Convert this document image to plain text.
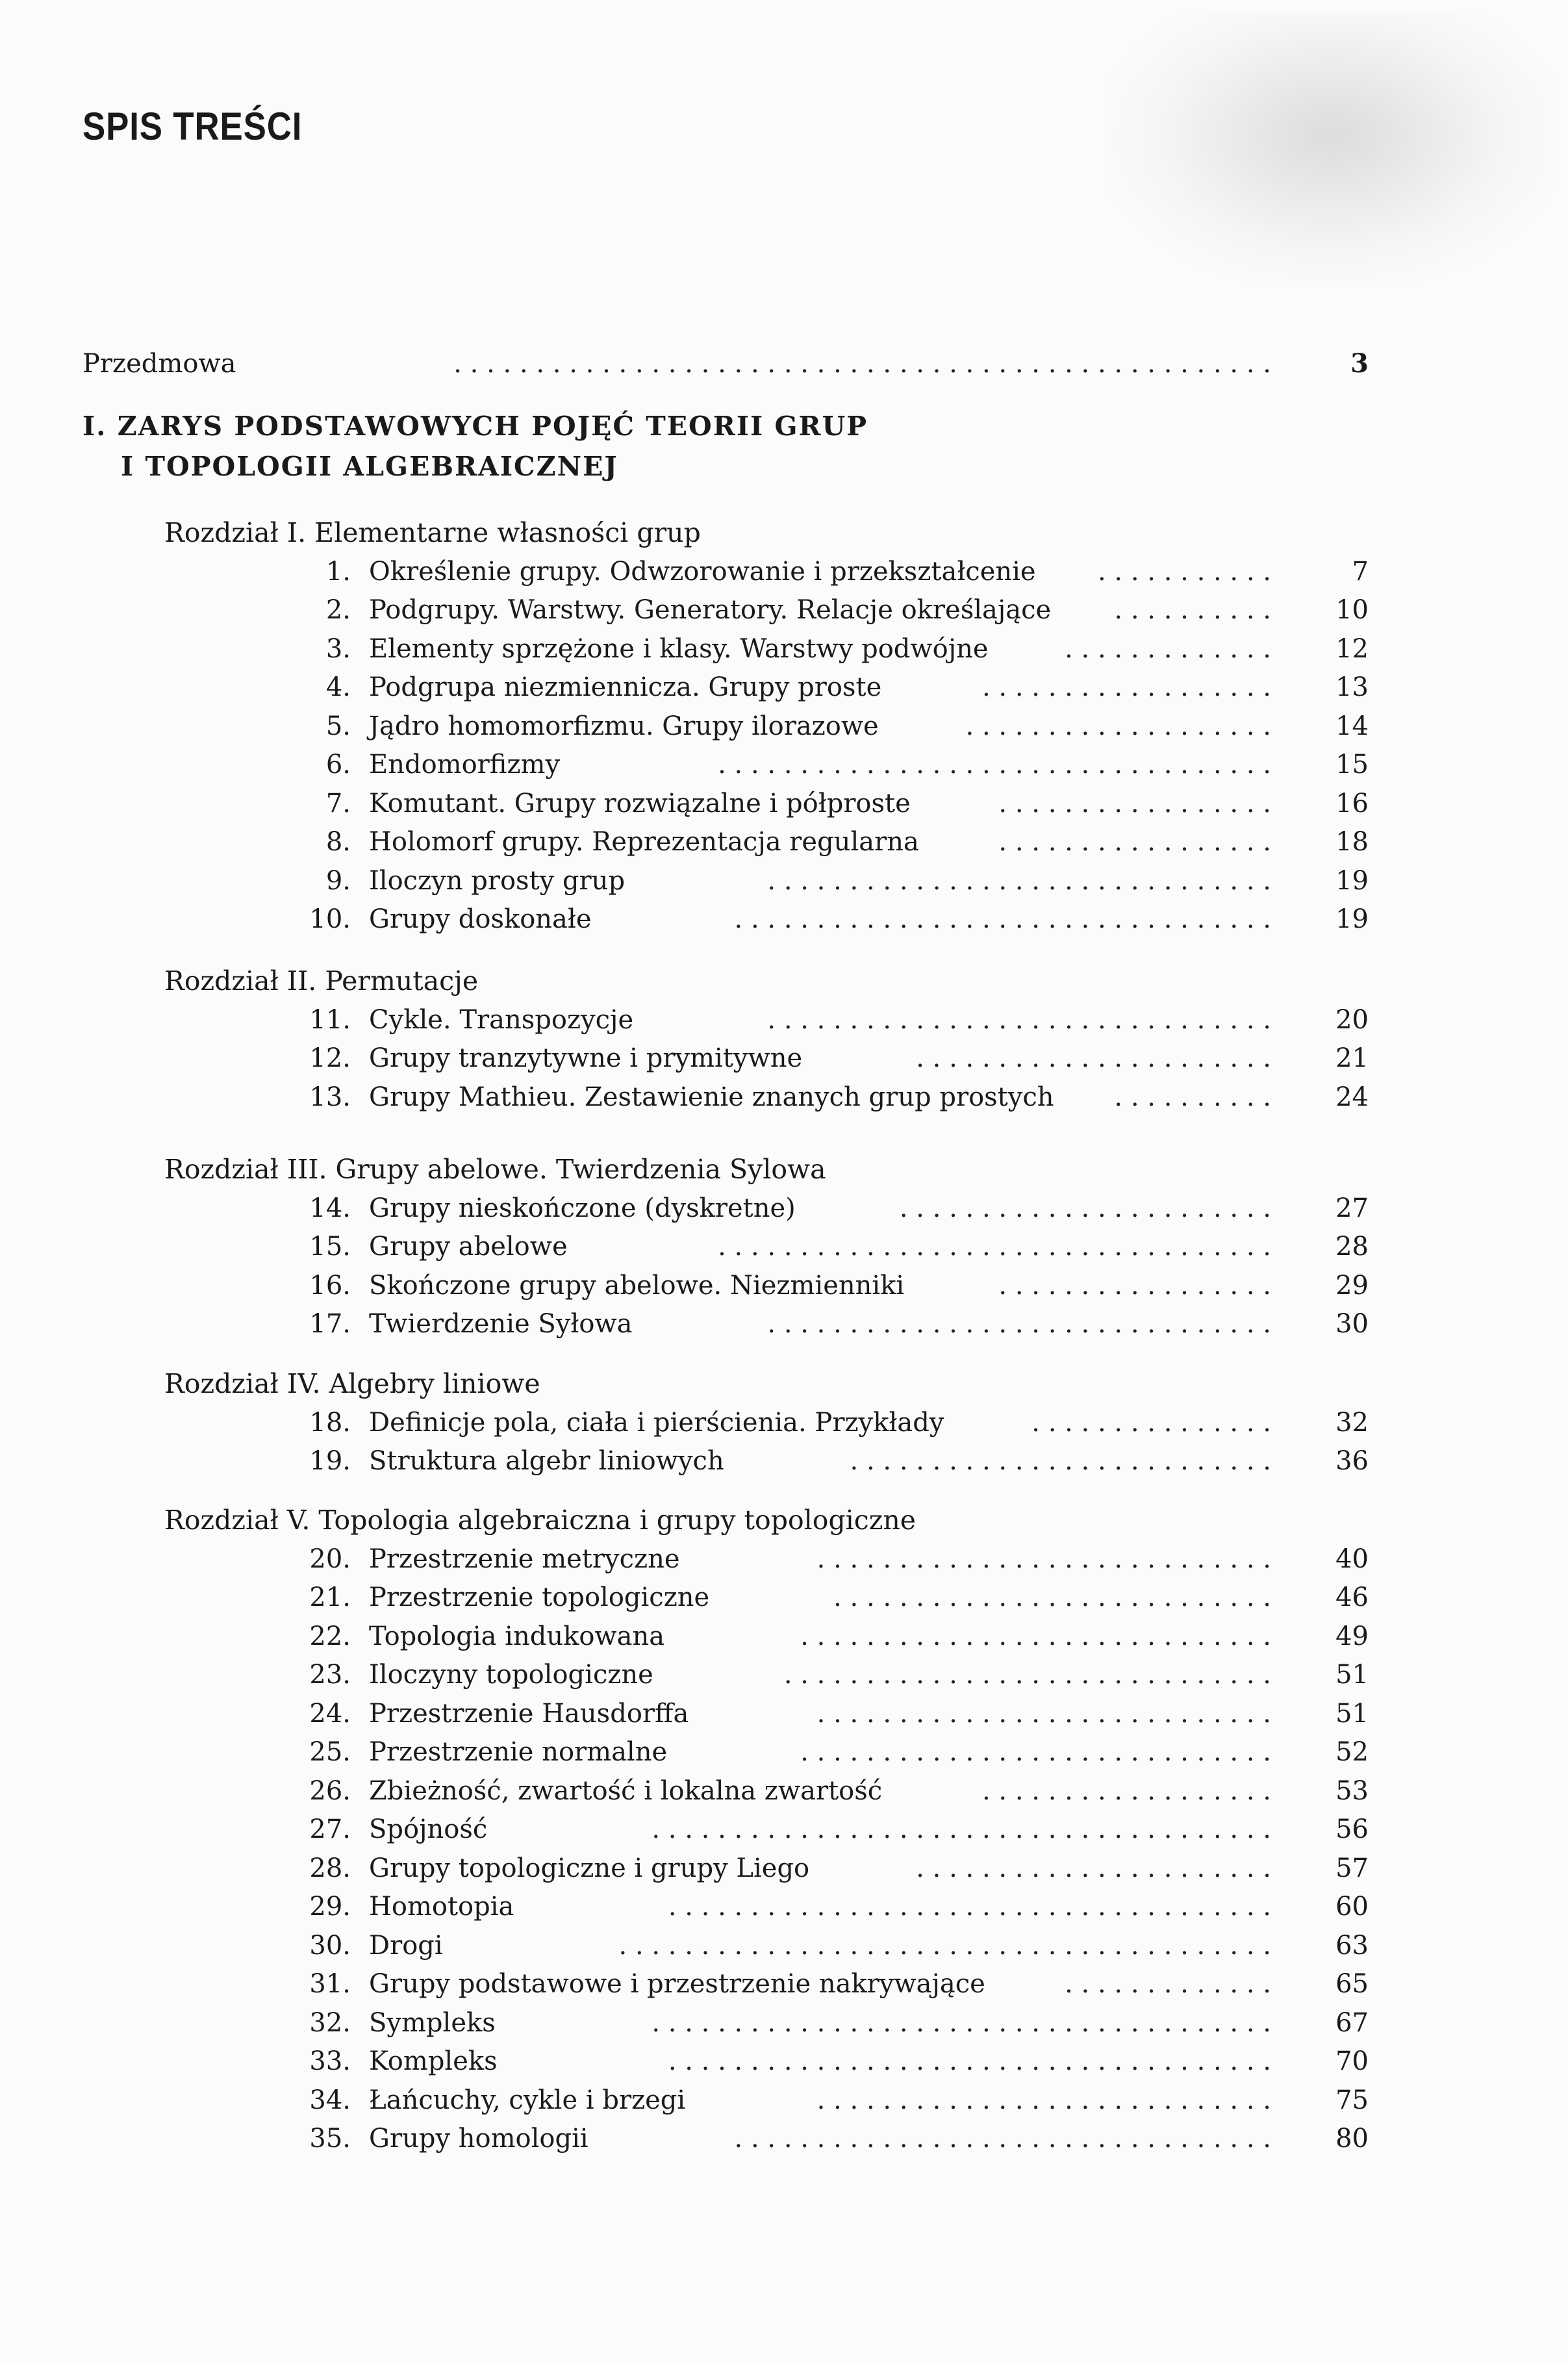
SPIS TREŚCI
Przedmowa	. . . . . . . . . . . . . . . . . . . . . . . . . . . . . . . . . . . . . . . . . . . . . . . . . .	3
I. ZARYS PODSTAWOWYCH POJĘĆ TEORII GRUP
I TOPOLOGII ALGEBRAICZNEJ
Rozdział I. Elementarne własności grup
1. Określenie grupy. Odwzorowanie i przekształcenie	. . . . . . . . . . .	7
2. Podgrupy. Warstwy. Generatory. Relacje określające	. . . . . . . . . .	10
3. Elementy sprzężone i klasy. Warstwy podwójne	. . . . . . . . . . . . .	12
4. Podgrupa niezmiennicza. Grupy proste	. . . . . . . . . . . . . . . . . .	13
5. Jądro homomorfizmu. Grupy ilorazowe	. . . . . . . . . . . . . . . . . . .	14
6. Endomorfizmy	. . . . . . . . . . . . . . . . . . . . . . . . . . . . . . . . . .	15
7. Komutant. Grupy rozwiązalne i półproste	. . . . . . . . . . . . . . . . .	16
8. Holomorf grupy. Reprezentacja regularna	. . . . . . . . . . . . . . . . .	18
9. Iloczyn prosty grup	. . . . . . . . . . . . . . . . . . . . . . . . . . . . . . .	19
10. Grupy doskonałe	. . . . . . . . . . . . . . . . . . . . . . . . . . . . . . . . .	19
Rozdział II. Permutacje
11. Cykle. Transpozycje	. . . . . . . . . . . . . . . . . . . . . . . . . . . . . . .	20
12. Grupy tranzytywne i prymitywne	. . . . . . . . . . . . . . . . . . . . . .	21
13. Grupy Mathieu. Zestawienie znanych grup prostych	. . . . . . . . . .	24
Rozdział III. Grupy abelowe. Twierdzenia Sylowa
14. Grupy nieskończone (dyskretne)	. . . . . . . . . . . . . . . . . . . . . . .	27
15. Grupy abelowe	. . . . . . . . . . . . . . . . . . . . . . . . . . . . . . . . . .	28
16. Skończone grupy abelowe. Niezmienniki	. . . . . . . . . . . . . . . . .	29
17. Twierdzenie Syłowa	. . . . . . . . . . . . . . . . . . . . . . . . . . . . . . .	30
Rozdział IV. Algebry liniowe
18. Definicje pola, ciała i pierścienia. Przykłady	. . . . . . . . . . . . . . .	32
19. Struktura algebr liniowych	. . . . . . . . . . . . . . . . . . . . . . . . . .	36
Rozdział V. Topologia algebraiczna i grupy topologiczne
20. Przestrzenie metryczne	. . . . . . . . . . . . . . . . . . . . . . . . . . . .	40
21. Przestrzenie topologiczne	. . . . . . . . . . . . . . . . . . . . . . . . . . .	46
22. Topologia indukowana	. . . . . . . . . . . . . . . . . . . . . . . . . . . . .	49
23. Iloczyny topologiczne	. . . . . . . . . . . . . . . . . . . . . . . . . . . . . .	51
24. Przestrzenie Hausdorffa	. . . . . . . . . . . . . . . . . . . . . . . . . . . .	51
25. Przestrzenie normalne	. . . . . . . . . . . . . . . . . . . . . . . . . . . . .	52
26. Zbieżność, zwartość i lokalna zwartość	. . . . . . . . . . . . . . . . . .	53
27. Spójność	. . . . . . . . . . . . . . . . . . . . . . . . . . . . . . . . . . . . . .	56
28. Grupy topologiczne i grupy Liego	. . . . . . . . . . . . . . . . . . . . . .	57
29. Homotopia	. . . . . . . . . . . . . . . . . . . . . . . . . . . . . . . . . . . . .	60
30. Drogi	. . . . . . . . . . . . . . . . . . . . . . . . . . . . . . . . . . . . . . . .	63
31. Grupy podstawowe i przestrzenie nakrywające	. . . . . . . . . . . . .	65
32. Sympleks	. . . . . . . . . . . . . . . . . . . . . . . . . . . . . . . . . . . . . .	67
33. Kompleks	. . . . . . . . . . . . . . . . . . . . . . . . . . . . . . . . . . . . .	70
34. Łańcuchy, cykle i brzegi	. . . . . . . . . . . . . . . . . . . . . . . . . . . .	75
35. Grupy homologii	. . . . . . . . . . . . . . . . . . . . . . . . . . . . . . . . .	80
